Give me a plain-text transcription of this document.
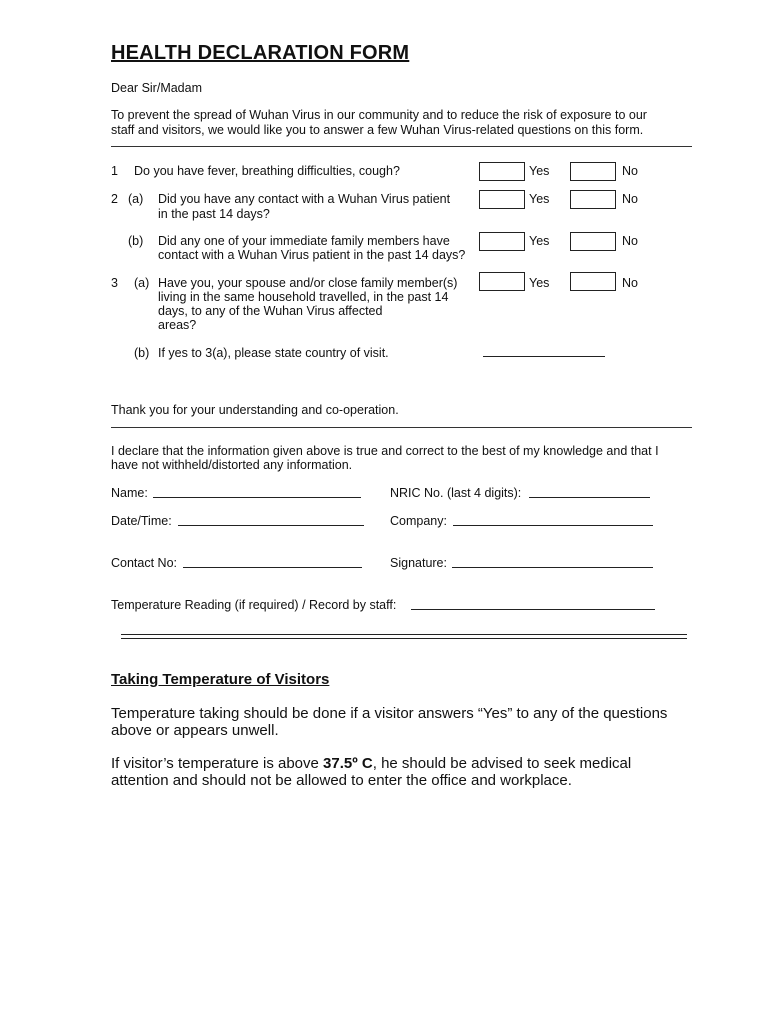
HEALTH DECLARATION FORM
Dear Sir/Madam
To prevent the spread of Wuhan Virus in our community and to reduce the risk of exposure to our
staff and visitors, we would like you to answer a few Wuhan Virus-related questions on this form.
1 Do you have fever, breathing difficulties, cough?	Yes	No
2 (a) Did you have any contact with a Wuhan Virus patient
in the past 14 days?
Yes	No
(b) Did any one of your immediate family members have
contact with a Wuhan Virus patient in the past 14 days?
Yes	No
3 (a) Have you, your spouse and/or close family member(s)
living in the same household travelled, in the past 14
days, to any of the Wuhan Virus affected
areas?
Yes	No
(b) If yes to 3(a), please state country of visit.
Thank you for your understanding and co-operation.
I declare that the information given above is true and correct to the best of my knowledge and that I
have not withheld/distorted any information.
Name:	NRIC No. (last 4 digits):
Date/Time:	Company:
Contact No:	Signature:
Temperature Reading (if required) / Record by staff:
Taking Temperature of Visitors
Temperature taking should be done if a visitor answers “Yes” to any of the questions
above or appears unwell.
If visitor’s temperature is above 37.5º C, he should be advised to seek medical
attention and should not be allowed to enter the office and workplace.
